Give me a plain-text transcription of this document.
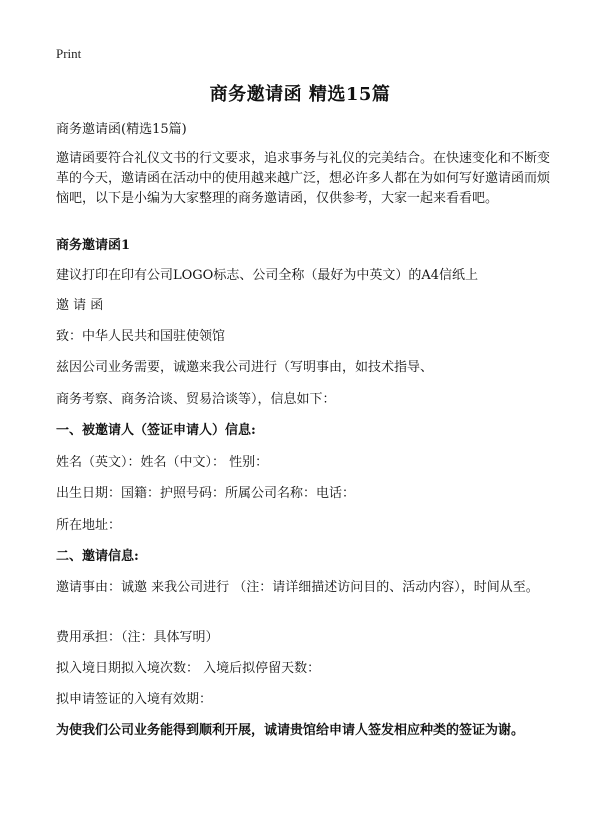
Print
商务邀请函 精选15篇
商务邀请函(精选15篇)
邀请函要符合礼仪文书的行文要求，追求事务与礼仪的完美结合。在快速变化和不断变革的今天，邀请函在活动中的使用越来越广泛，想必许多人都在为如何写好邀请函而烦恼吧，以下是小编为大家整理的商务邀请函，仅供参考，大家一起来看看吧。
商务邀请函1
建议打印在印有公司LOGO标志、公司全称（最好为中英文）的A4信纸上
邀 请 函
致：中华人民共和国驻使领馆
兹因公司业务需要，诚邀来我公司进行（写明事由，如技术指导、
商务考察、商务洽谈、贸易洽谈等），信息如下：
一、被邀请人（签证申请人）信息:
姓名（英文）：姓名（中文）： 性别：
出生日期：国籍：护照号码：所属公司名称：电话：
所在地址：
二、邀请信息:
邀请事由：诚邀 来我公司进行 （注：请详细描述访问目的、活动内容），时间从至。
费用承担：（注：具体写明）
拟入境日期拟入境次数： 入境后拟停留天数：
拟申请签证的入境有效期：
为使我们公司业务能得到顺利开展，诚请贵馆给申请人签发相应种类的签证为谢。
